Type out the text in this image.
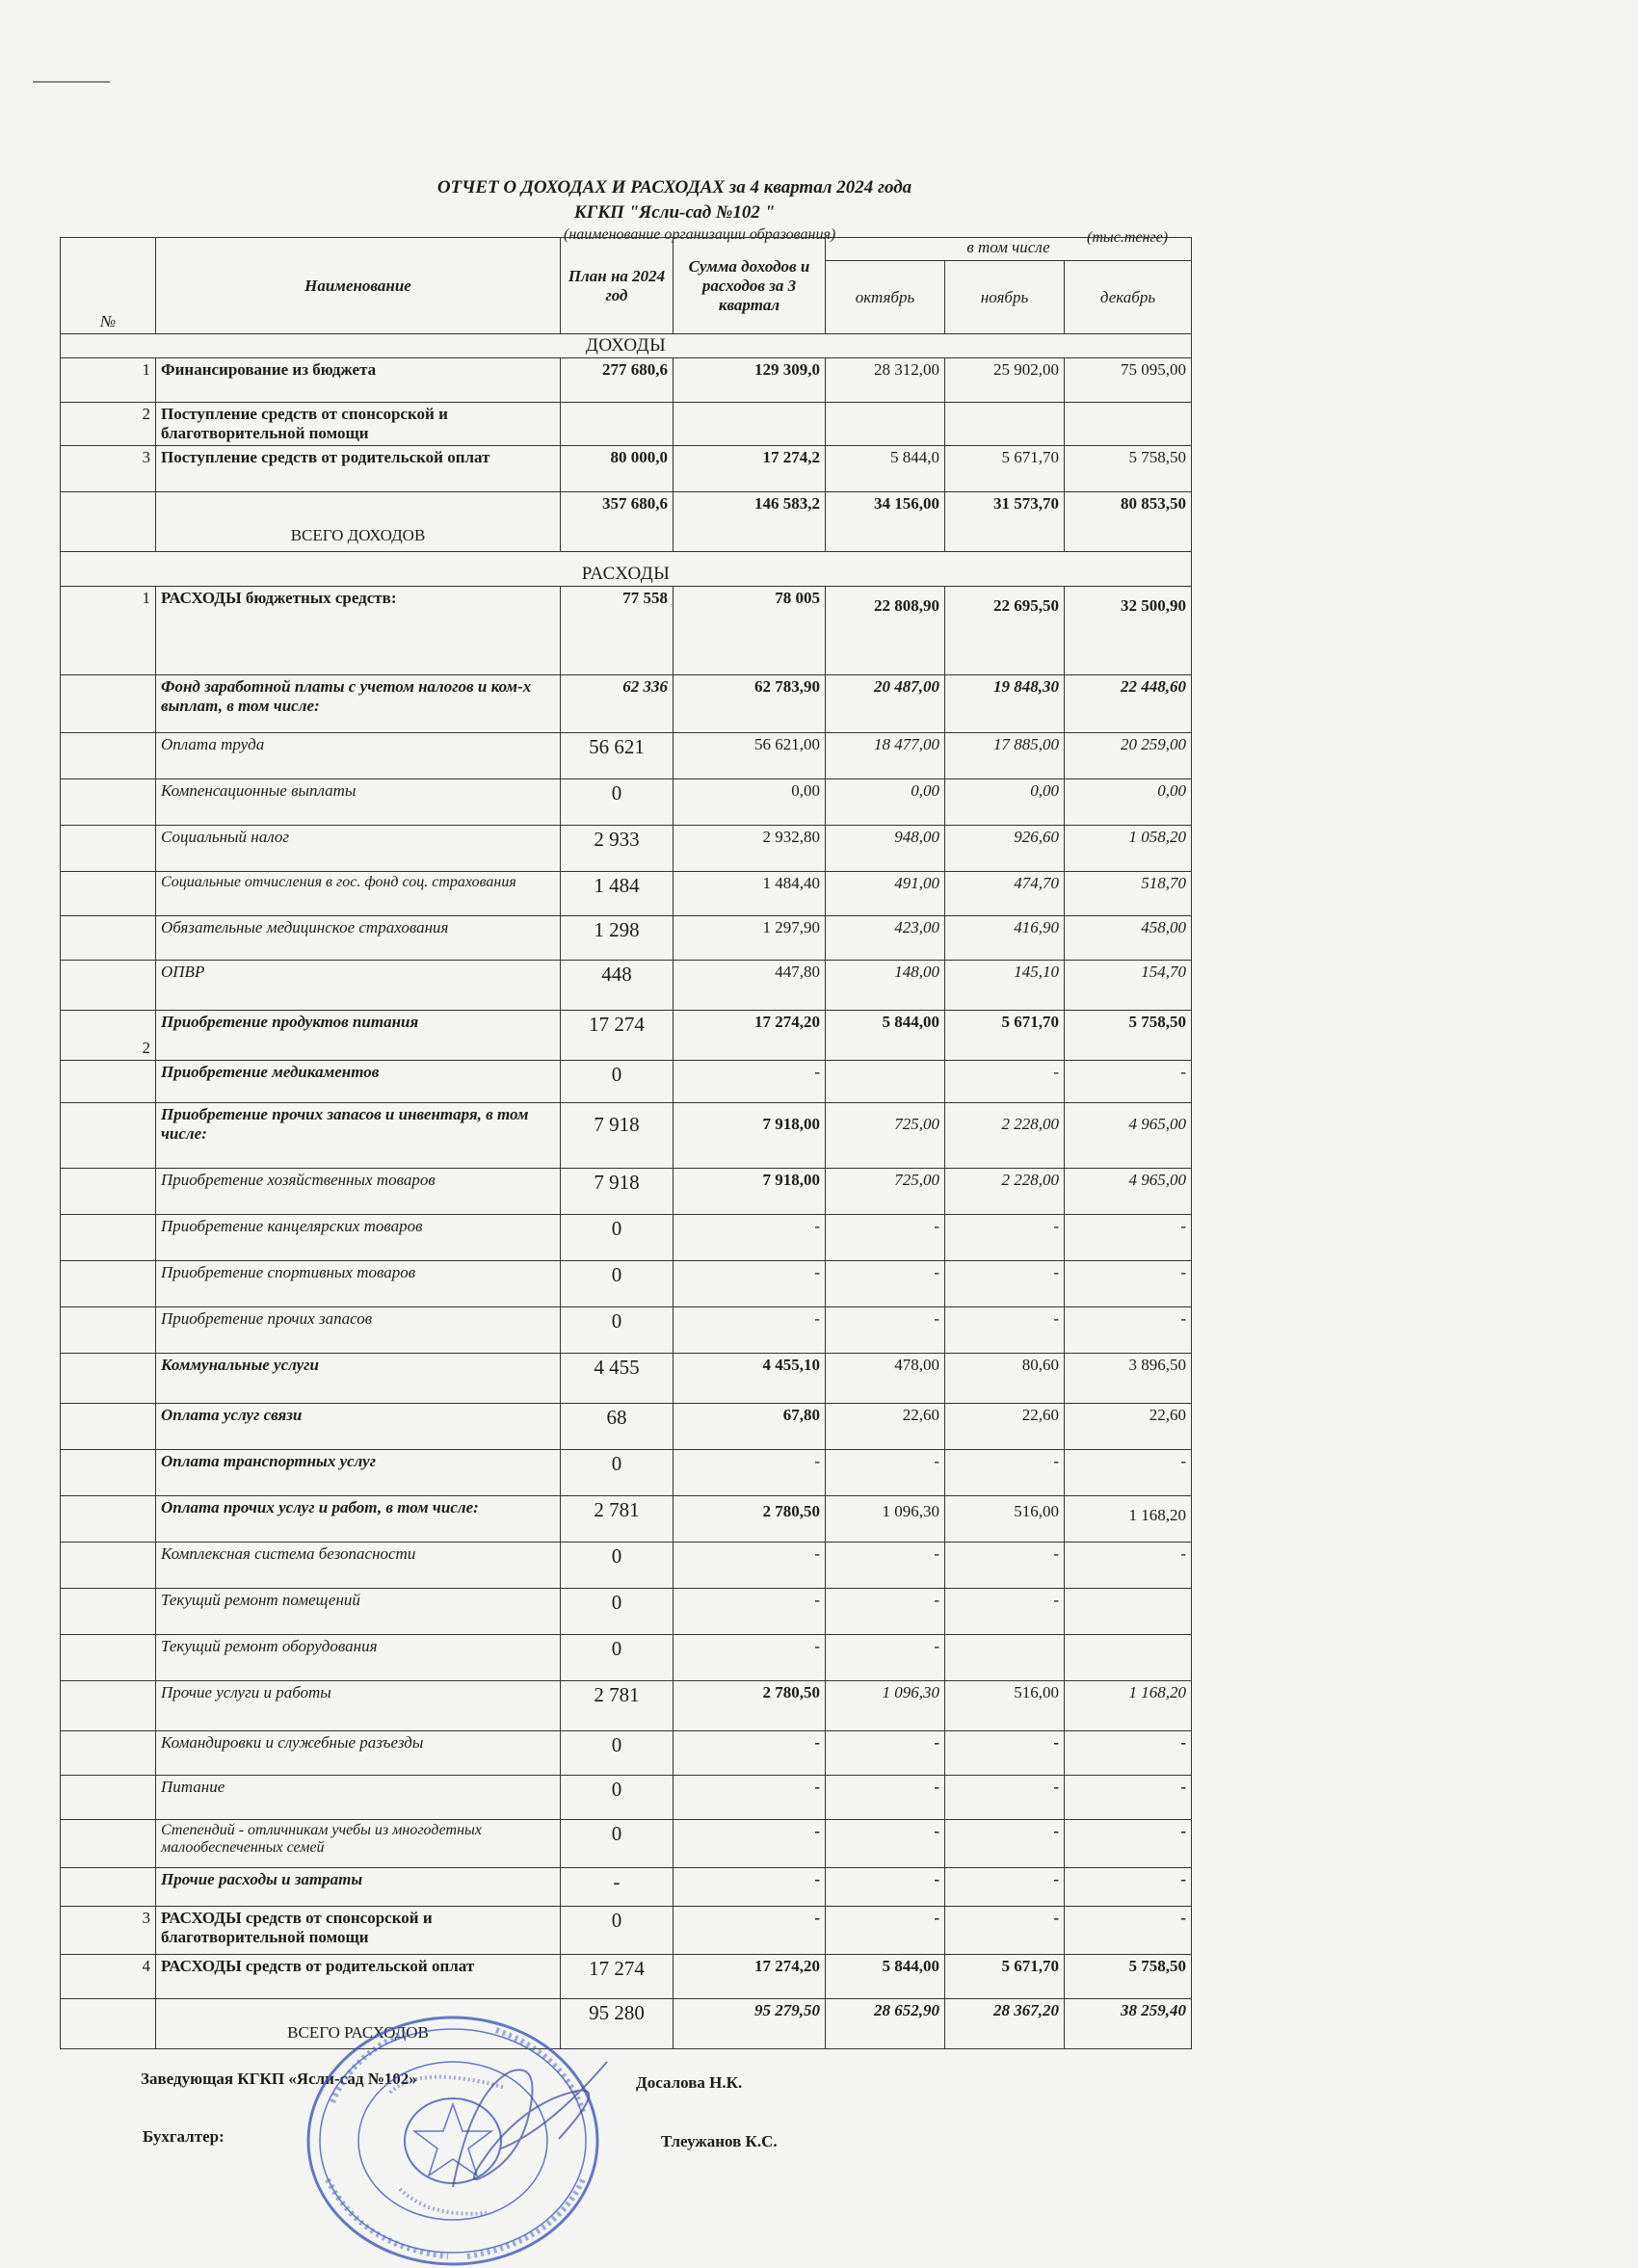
ОТЧЕТ О ДОХОДАХ И РАСХОДАХ за 4 квартал 2024 года
КГКП "Ясли-сад №102 "
(наименование организации образования)	(тыс.тенге)
№	Наименование	План на 2024 год	Сумма доходов и расходов за 3 квартал	в том числе		
				октябрь	ноябрь	декабрь
ДОХОДЫ						
1	Финансирование из бюджета	277 680,6	129 309,0	28 312,00	25 902,00	75 095,00
2	Поступление средств от спонсорской и благотворительной помощи					
3	Поступление средств от родительской оплат	80 000,0	17 274,2	5 844,0	5 671,70	5 758,50
	ВСЕГО ДОХОДОВ	357 680,6	146 583,2	34 156,00	31 573,70	80 853,50
РАСХОДЫ						
1	РАСХОДЫ бюджетных средств:	77 558	78 005	22 808,90	22 695,50	32 500,90
	Фонд заработной платы с учетом налогов и ком-х выплат, в том числе:	62 336	62 783,90	20 487,00	19 848,30	22 448,60
	Оплата труда	56 621	56 621,00	18 477,00	17 885,00	20 259,00
	Компенсационные выплаты	0	0,00	0,00	0,00	0,00
	Социальный налог	2 933	2 932,80	948,00	926,60	1 058,20
	Социальные отчисления в гос. фонд соц. страхования	1 484	1 484,40	491,00	474,70	518,70
	Обязательные медицинское страхования	1 298	1 297,90	423,00	416,90	458,00
	ОПВР	448	447,80	148,00	145,10	154,70
2	Приобретение продуктов питания	17 274	17 274,20	5 844,00	5 671,70	5 758,50
	Приобретение медикаментов	0	-		-	-
	Приобретение прочих запасов и инвентаря, в том числе:	7 918	7 918,00	725,00	2 228,00	4 965,00
	Приобретение хозяйственных товаров	7 918	7 918,00	725,00	2 228,00	4 965,00
	Приобретение канцелярских товаров	0	-	-	-	-
	Приобретение спортивных товаров	0	-	-	-	-
	Приобретение прочих запасов	0	-	-	-	-
	Коммунальные услуги	4 455	4 455,10	478,00	80,60	3 896,50
	Оплата услуг связи	68	67,80	22,60	22,60	22,60
	Оплата транспортных услуг	0	-	-	-	-
	Оплата прочих услуг и работ, в том числе:	2 781	2 780,50	1 096,30	516,00	1 168,20
	Комплексная система безопасности	0	-	-	-	-
	Текущий ремонт помещений	0	-	-	-	
	Текущий ремонт оборудования	0	-	-		
	Прочие услуги и работы	2 781	2 780,50	1 096,30	516,00	1 168,20
	Командировки и служебные разъезды	0	-	-	-	-
	Питание	0	-	-	-	-
	Степендий - отличникам учебы из многодетных малообеспеченных семей	0	-	-	-	-
	Прочие расходы и затраты	-	-	-	-	-
3	РАСХОДЫ средств от спонсорской и благотворительной помощи	0	-	-	-	-
4	РАСХОДЫ средств от родительской оплат	17 274	17 274,20	5 844,00	5 671,70	5 758,50
	ВСЕГО РАСХОДОВ	95 280	95 279,50	28 652,90	28 367,20	38 259,40
Заведующая КГКП «Ясли-сад №102»	Досалова Н.К.
Бухгалтер:	Тлеужанов К.С.
